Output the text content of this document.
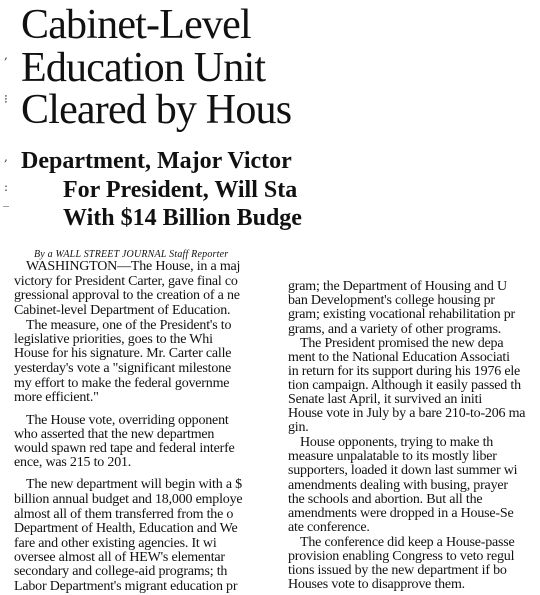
Cabinet-Level
Education Unit
Cleared by Hous
Department, Major Victor
For President, Will Sta
With $14 Billion Budge
,
⁝
,
:
‾
By a WALL STREET JOURNAL Staff Reporter
WASHINGTON—The House, in a maj
victory for President Carter, gave final co
gressional approval to the creation of a ne
Cabinet-level Department of Education.
The measure, one of the President's to
legislative priorities, goes to the Whi
House for his signature. Mr. Carter calle
yesterday's vote a "significant milestone
my effort to make the federal governme
more efficient."
The House vote, overriding opponent
who asserted that the new departmen
would spawn red tape and federal interfe
ence, was 215 to 201.
The new department will begin with a $
billion annual budget and 18,000 employe
almost all of them transferred from the o
Department of Health, Education and We
fare and other existing agencies. It wi
oversee almost all of HEW's elementar
secondary and college-aid programs; th
Labor Department's migrant education pr
gram; the Department of Housing and U
ban Development's college housing pr
gram; existing vocational rehabilitation pr
grams, and a variety of other programs.
The President promised the new depa
ment to the National Education Associati
in return for its support during his 1976 ele
tion campaign. Although it easily passed th
Senate last April, it survived an initi
House vote in July by a bare 210-to-206 ma
gin.
House opponents, trying to make th
measure unpalatable to its mostly liber
supporters, loaded it down last summer wi
amendments dealing with busing, prayer
the schools and abortion. But all the
amendments were dropped in a House-Se
ate conference.
The conference did keep a House-passe
provision enabling Congress to veto regul
tions issued by the new department if bo
Houses vote to disapprove them.
